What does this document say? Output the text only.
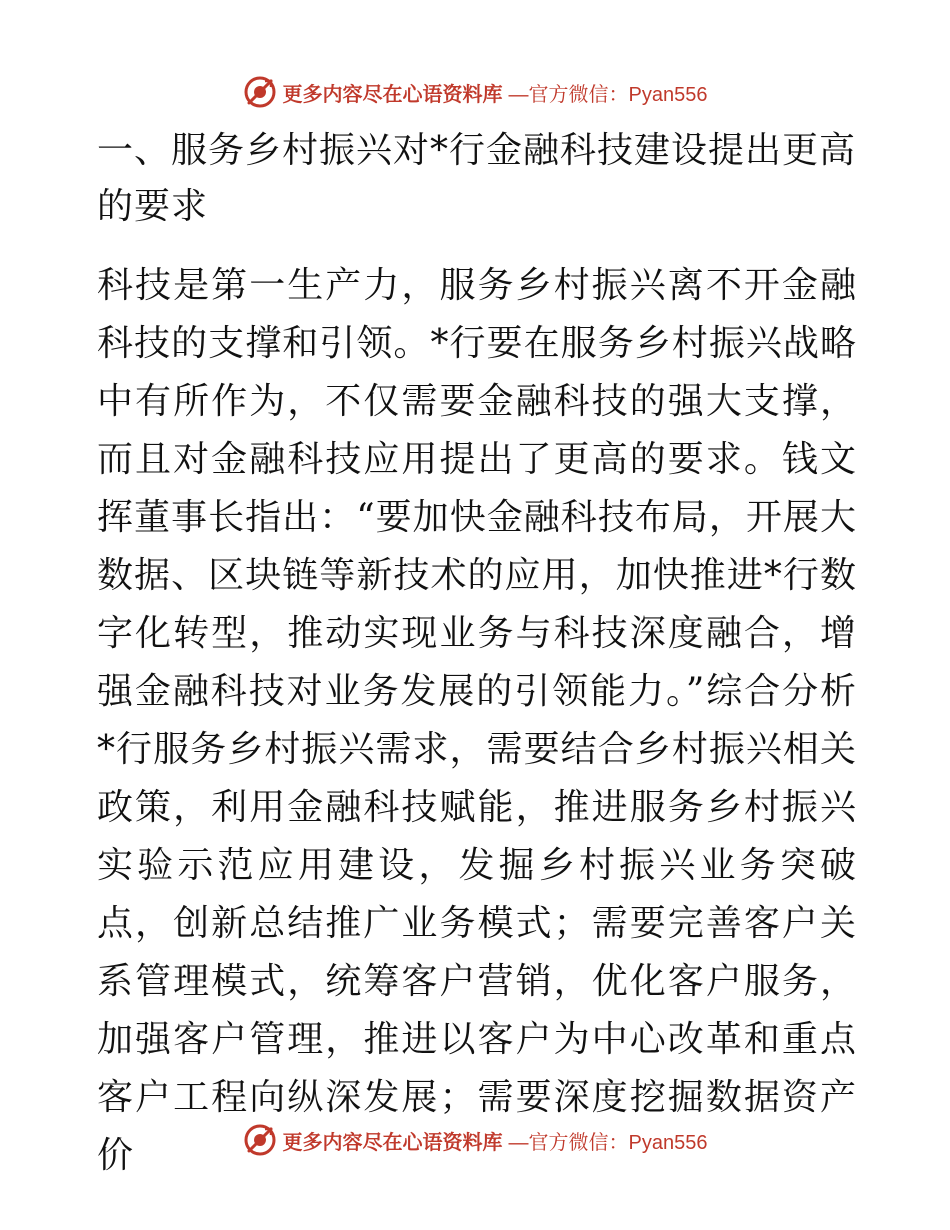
更多内容尽在心语资料库 —官方微信：Pyan556
一、服务乡村振兴对*行金融科技建设提出更高的要求

科技是第一生产力，服务乡村振兴离不开金融科技的支撑和引领。*行要在服务乡村振兴战略中有所作为，不仅需要金融科技的强大支撑，而且对金融科技应用提出了更高的要求。钱文挥董事长指出：“要加快金融科技布局，开展大数据、区块链等新技术的应用，加快推进*行数字化转型，推动实现业务与科技深度融合，增强金融科技对业务发展的引领能力。”综合分析*行服务乡村振兴需求，需要结合乡村振兴相关政策，利用金融科技赋能，推进服务乡村振兴实验示范应用建设，发掘乡村振兴业务突破点，创新总结推广业务模式；需要完善客户关系管理模式，统筹客户营销，优化客户服务，加强客户管理，推进以客户为中心改革和重点客户工程向纵深发展；需要深度挖掘数据资产价	更多内容尽在心语资料库 —官方微信：Pyan556
